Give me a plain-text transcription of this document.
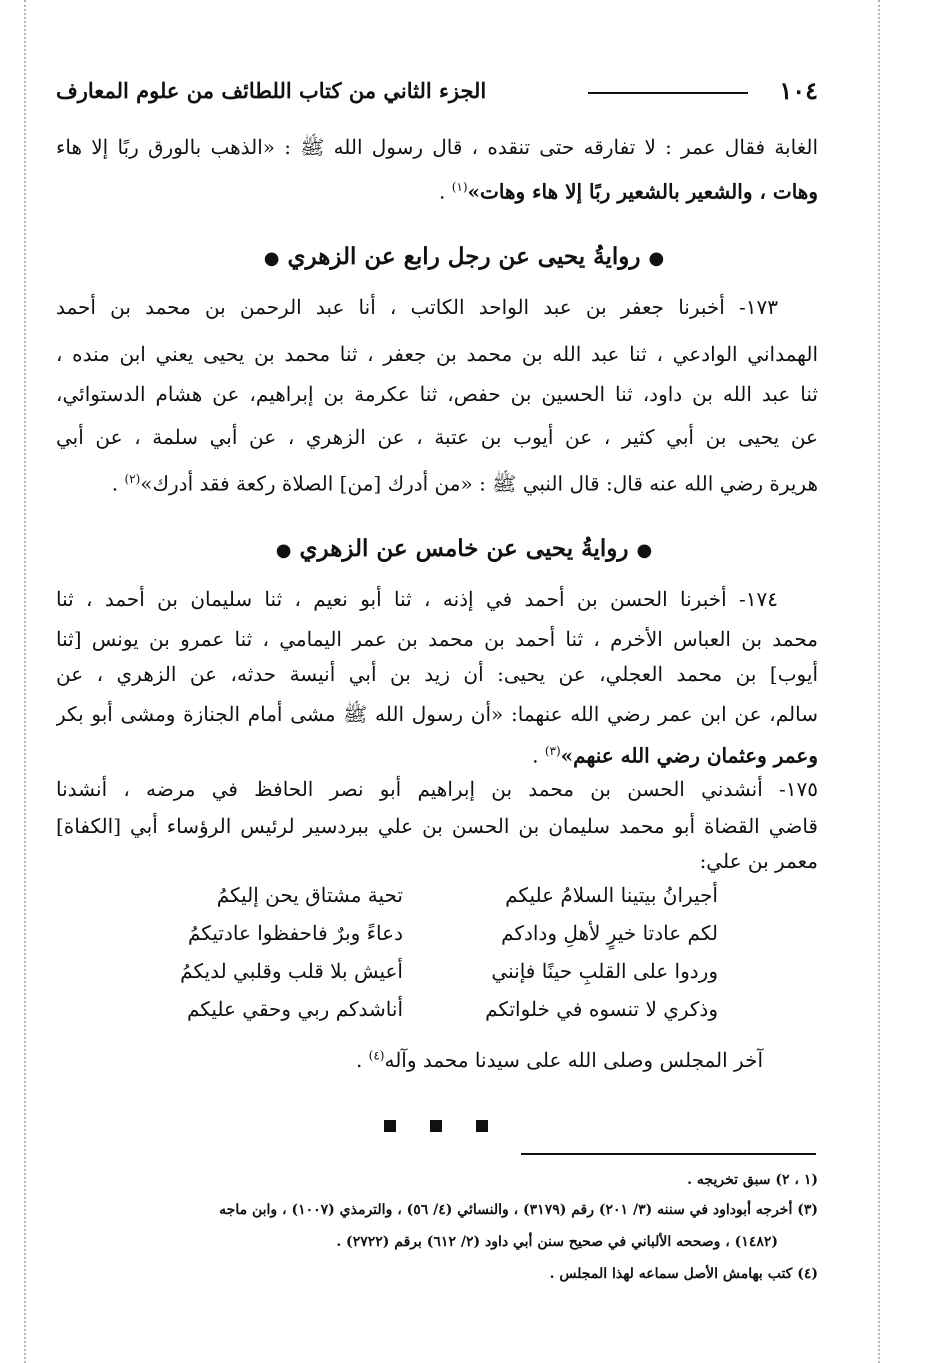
١٠٤
الجزء الثاني من كتاب اللطائف من علوم المعارف
الغابة فقال عمر : لا تفارقه حتى تنقده ، قال رسول الله ﷺ : «الذهب بالورق ربًا إلا هاء
وهات ، والشعير بالشعير ربًا إلا هاء وهات»$^{(١)}$ .
● روايةُ يحيى عن رجل رابع عن الزهري ●
١٧٣- أخبرنا جعفر بن عبد الواحد الكاتب ، أنا عبد الرحمن بن محمد بن أحمد
الهمداني الوادعي ، ثنا عبد الله بن محمد بن جعفر ، ثنا محمد بن يحيى يعني ابن منده ،
ثنا عبد الله بن داود، ثنا الحسين بن حفص، ثنا عكرمة بن إبراهيم، عن هشام الدستوائي،
عن يحيى بن أبي كثير ، عن أيوب بن عتبة ، عن الزهري ، عن أبي سلمة ، عن أبي
هريرة رضي الله عنه قال: قال النبي ﷺ : «من أدرك [من] الصلاة ركعة فقد أدرك»$^{(٢)}$ .
● روايةُ يحيى عن خامس عن الزهري ●
١٧٤- أخبرنا الحسن بن أحمد في إذنه ، ثنا أبو نعيم ، ثنا سليمان بن أحمد ، ثنا
محمد بن العباس الأخرم ، ثنا أحمد بن محمد بن عمر اليمامي ، ثنا عمرو بن يونس [ثنا
أيوب] بن محمد العجلي، عن يحيى: أن زيد بن أبي أنيسة حدثه، عن الزهري ، عن
سالم، عن ابن عمر رضي الله عنهما: «أن رسول الله ﷺ مشى أمام الجنازة ومشى أبو بكر
وعمر وعثمان رضي الله عنهم»$^{(٣)}$ .
١٧٥- أنشدني الحسن بن محمد بن إبراهيم أبو نصر الحافظ في مرضه ، أنشدنا
قاضي القضاة أبو محمد سليمان بن الحسن بن علي ببردسير لرئيس الرؤساء أبي [الكفاة]
معمر بن علي:
أجيرانُ بيتينا السلامُ عليكم
تحية مشتاق يحن إليكمُ
لكم عادتا خيرٍ لأهلِ ودادكم
دعاءً وبرٌ فاحفظوا عادتيكمُ
وردوا على القلبِ حينًا فإنني
أعيش بلا قلب وقلبي لديكمُ
وذكري لا تنسوه في خلواتكم
أناشدكم ربي وحقي عليكم
آخر المجلس وصلى الله على سيدنا محمد وآله$^{(٤)}$ .
(١ ، ٢) سبق تخريجه .
(٣) أخرجه أبوداود في سننه (٣/ ٢٠١) رقم (٣١٧٩) ، والنسائي (٤/ ٥٦) ، والترمذي (١٠٠٧) ، وابن ماجه
(١٤٨٢) ، وصححه الألباني في صحيح سنن أبي داود (٢/ ٦١٢) برقم (٢٧٢٢) .
(٤) كتب بهامش الأصل سماعه لهذا المجلس .
